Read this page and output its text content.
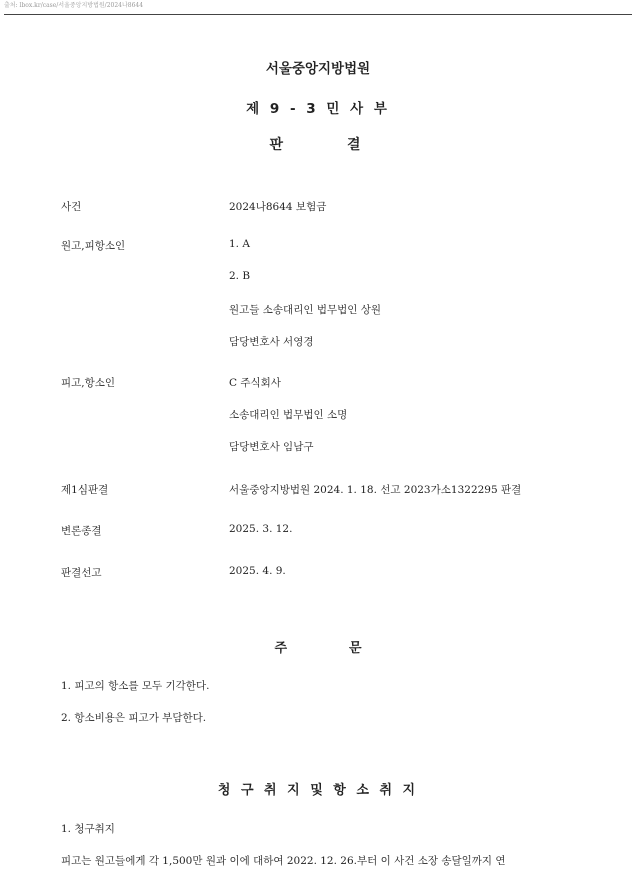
출처: lbox.kr/case/서울중앙지방법원/2024나8644
서울중앙지방법원
제 9 - 3 민 사 부
판	결
사건	2024나8644 보험금
원고,피항소인	1. A
2. B
원고들 소송대리인 법무법인 상원
담당변호사 서영경
피고,항소인	C 주식회사
소송대리인 법무법인 소명
담당변호사 임남구
제1심판결	서울중앙지방법원 2024. 1. 18. 선고 2023가소1322295 판결
변론종결	2025. 3. 12.
판결선고	2025. 4. 9.
주	문
1. 피고의 항소를 모두 기각한다.
2. 항소비용은 피고가 부담한다.
청 구 취 지 및 항 소 취 지
1. 청구취지
피고는 원고들에게 각 1,500만 원과 이에 대하여 2022. 12. 26.부터 이 사건 소장 송달일까지 연
